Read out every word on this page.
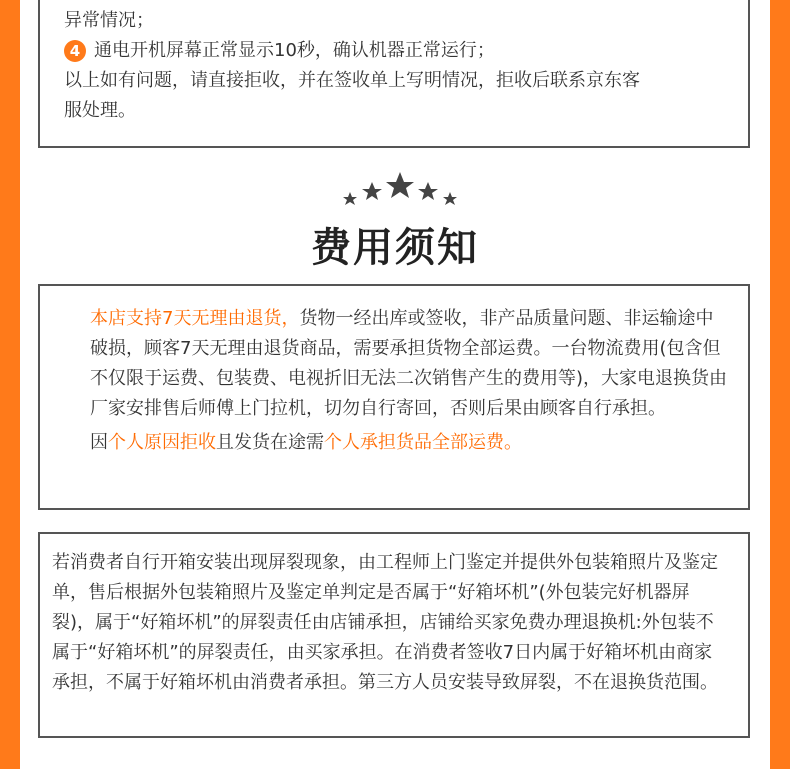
异常情况；
4 通电开机屏幕正常显示10秒，确认机器正常运行；
以上如有问题，请直接拒收，并在签收单上写明情况，拒收后联系京东客
服处理。
费用须知
本店支持7天无理由退货，货物一经出库或签收，非产品质量问题、非运输途中破损，顾客7天无理由退货商品，需要承担货物全部运费。一台物流费用(包含但不仅限于运费、包装费、电视折旧无法二次销售产生的费用等)，大家电退换货由厂家安排售后师傅上门拉机，切勿自行寄回，否则后果由顾客自行承担。
因个人原因拒收且发货在途需个人承担货品全部运费。
若消费者自行开箱安装出现屏裂现象，由工程师上门鉴定并提供外包装箱照片及鉴定单，售后根据外包装箱照片及鉴定单判定是否属于“好箱坏机”(外包装完好机器屏裂)，属于“好箱坏机”的屏裂责任由店铺承担，店铺给买家免费办理退换机:外包装不属于“好箱坏机”的屏裂责任，由买家承担。在消费者签收7日内属于好箱坏机由商家承担，不属于好箱坏机由消费者承担。第三方人员安装导致屏裂，不在退换货范围。
